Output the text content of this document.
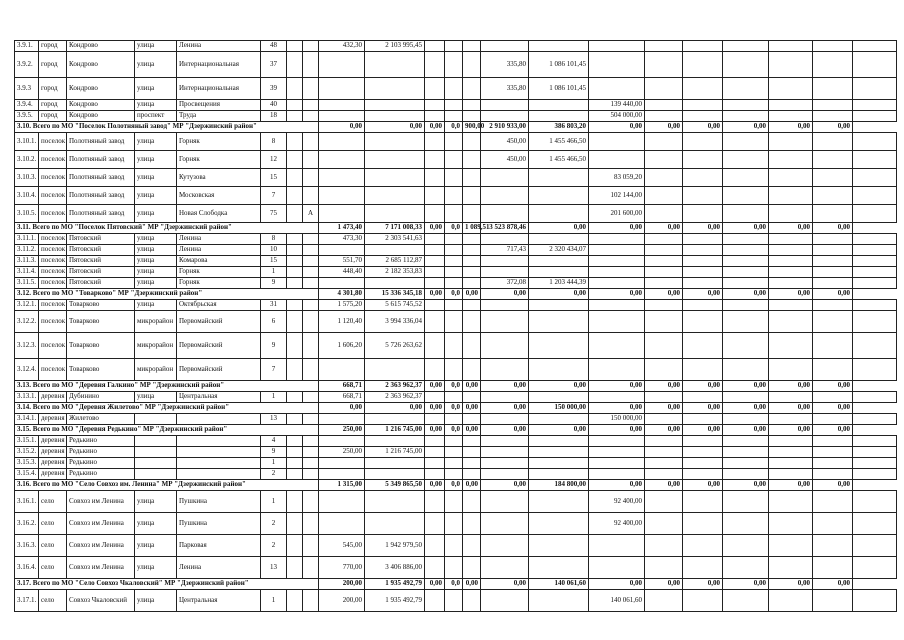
3.9.1.	город	Кондрово	улица	Ленина	48			432,30	2 103 995,45												
3.9.2.	город	Кондрово	улица	Интернациональная	37								335,80	1 086 101,45							
3.9.3	город	Кондрово	улица	Интернациональная	39								335,80	1 086 101,45							
3.9.4.	город	Кондрово	улица	Просвещения	40										139 440,00						
3.9.5.	город	Кондрово	проспект	Труда	18										504 000,00						
3.10. Всего по МО "Поселок Полотняный завод" МР "Дзержинский район"								0,00	0,00	0,00	0,0	900,00	2 910 933,00	386 803,20	0,00	0,00	0,00	0,00	0,00	0,00	
3.10.1.	поселок	Полотняный завод	улица	Горняк	8								450,00	1 455 466,50							
3.10.2.	поселок	Полотняный завод	улица	Горняк	12								450,00	1 455 466,50							
3.10.3.	поселок	Полотняный завод	улица	Кутузова	15										83 059,20						
3.10.4.	поселок	Полотняный завод	улица	Московская	7										102 144,00						
3.10.5.	поселок	Полотняный завод	улица	Новая Слободка	75		А								201 600,00						
3.11. Всего по МО "Поселок Пятовский" МР "Дзержинский район"								1 473,40	7 171 008,33	0,00	0,0	1 089,51	3 523 878,46	0,00	0,00	0,00	0,00	0,00	0,00	0,00	
3.11.1.	поселок	Пятовский	улица	Ленина	8			473,30	2 303 541,63												
3.11.2.	поселок	Пятовский	улица	Ленина	10								717,43	2 320 434,07							
3.11.3.	поселок	Пятовский	улица	Комарова	15			551,70	2 685 112,87												
3.11.4.	поселок	Пятовский	улица	Горняк	1			448,40	2 182 353,83												
3.11.5.	поселок	Пятовский	улица	Горняк	9								372,08	1 203 444,39							
3.12. Всего по МО "Товарково" МР "Дзержинский район"								4 301,80	15 336 345,18	0,00	0,0	0,00	0,00	0,00	0,00	0,00	0,00	0,00	0,00	0,00	
3.12.1.	поселок	Товарково	улица	Октябрьская	31			1 575,20	5 615 745,52												
3.12.2.	поселок	Товарково	микрорайон	Первомайский	6			1 120,40	3 994 336,04												
3.12.3.	поселок	Товарково	микрорайон	Первомайский	9			1 606,20	5 726 263,62												
3.12.4.	поселок	Товарково	микрорайон	Первомайский	7																
3.13. Всего по МО "Деревня Галкино" МР "Дзержинский район"								668,71	2 363 962,37	0,00	0,0	0,00	0,00	0,00	0,00	0,00	0,00	0,00	0,00	0,00	
3.13.1.	деревня	Дубинино	улица	Центральная	1			668,71	2 363 962,37												
3.14. Всего по МО "Деревня Жилетово" МР "Дзержинский район"								0,00	0,00	0,00	0,0	0,00	0,00	150 000,00	0,00	0,00	0,00	0,00	0,00	0,00	
3.14.1.	деревня	Жилетово			13										150 000,00						
3.15. Всего по МО "Деревня Редькино" МР "Дзержинский район"								250,00	1 216 745,00	0,00	0,0	0,00	0,00	0,00	0,00	0,00	0,00	0,00	0,00	0,00	
3.15.1.	деревня	Редькино			4																
3.15.2.	деревня	Редькино			9			250,00	1 216 745,00												
3.15.3.	деревня	Редькино			1																
3.15.4.	деревня	Редькино			2																
3.16. Всего по МО "Село Совхоз им. Ленина" МР "Дзержинский район"								1 315,00	5 349 865,50	0,00	0,0	0,00	0,00	184 800,00	0,00	0,00	0,00	0,00	0,00	0,00	
3.16.1.	село	Совхоз им Ленина	улица	Пушкина	1										92 400,00						
3.16.2.	село	Совхоз им Ленина	улица	Пушкина	2										92 400,00						
3.16.3.	село	Совхоз им Ленина	улица	Парковая	2			545,00	1 942 979,50												
3.16.4.	село	Совхоз им Ленина	улица	Ленина	13			770,00	3 406 886,00												
3.17. Всего по МО "Село Совхоз Чкаловский" МР "Дзержинский район"								200,00	1 935 492,79	0,00	0,0	0,00	0,00	140 061,60	0,00	0,00	0,00	0,00	0,00	0,00	
3.17.1.	село	Совхоз Чкаловский	улица	Центральная	1			200,00	1 935 492,79						140 061,60						
